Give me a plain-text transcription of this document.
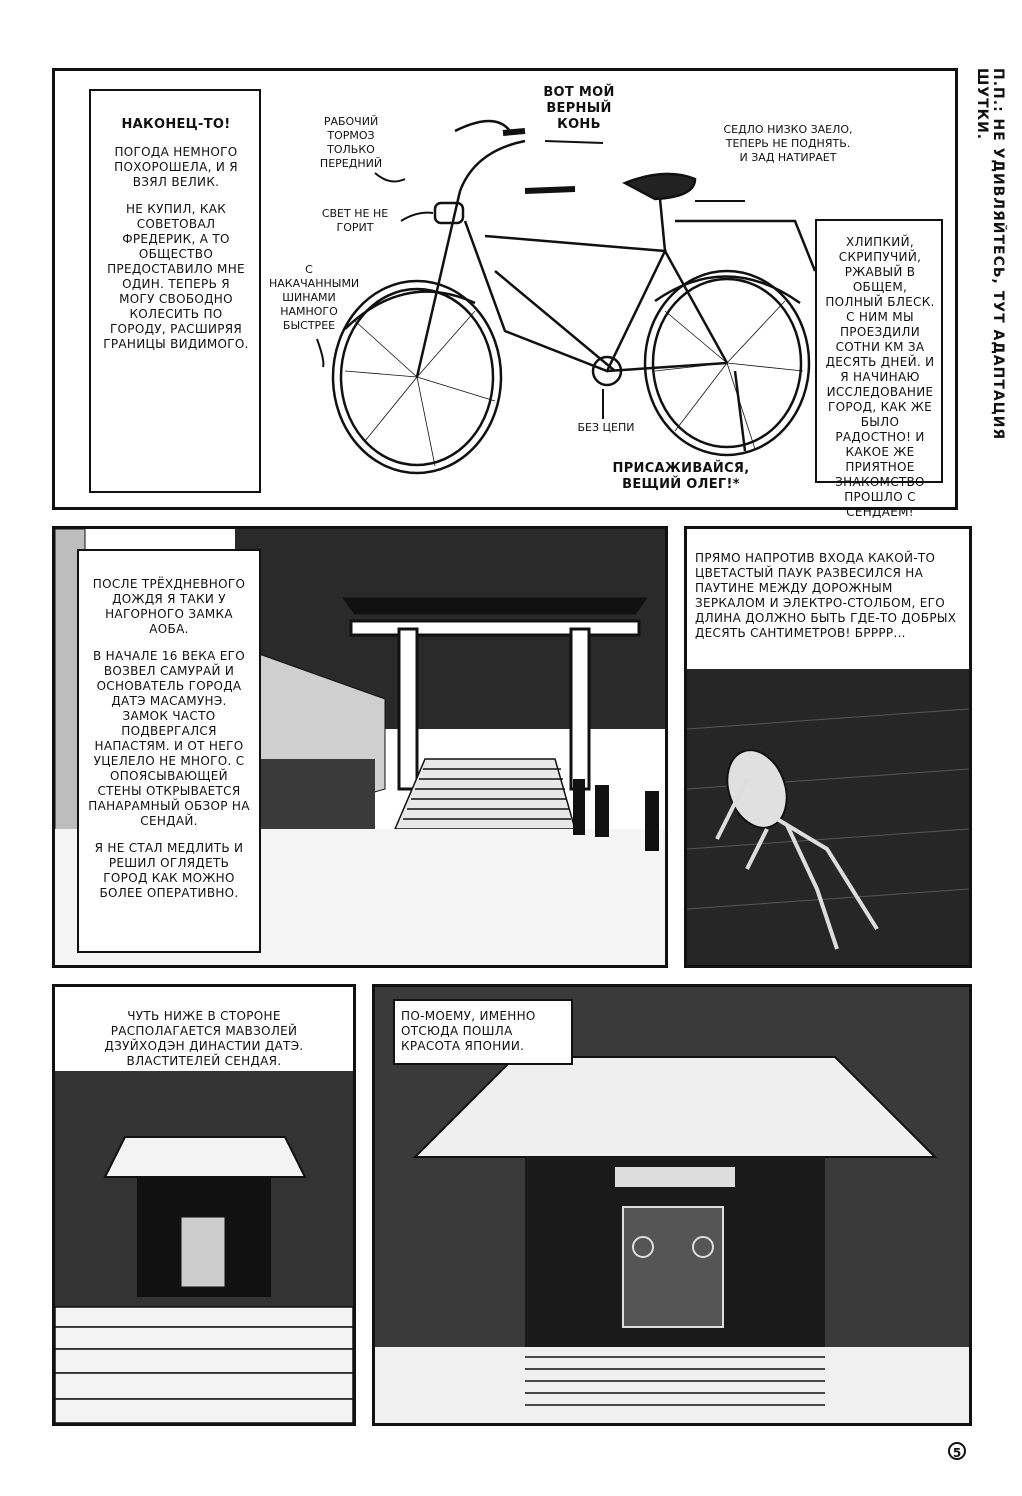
НАКОНЕЦ-ТО!

ПОГОДА НЕМНОГО ПОХОРОШЕЛА, И Я ВЗЯЛ ВЕЛИК.

НЕ КУПИЛ, КАК СОВЕТОВАЛ ФРЕДЕРИК, А ТО ОБЩЕСТВО ПРЕДОСТАВИЛО МНЕ ОДИН. ТЕПЕРЬ Я МОГУ СВОБОДНО КОЛЕСИТЬ ПО ГОРОДУ, РАСШИРЯЯ ГРАНИЦЫ ВИДИМОГО.

ВОТ МОЙ ВЕРНЫЙ КОНЬ
РАБОЧИЙ ТОРМОЗ ТОЛЬКО ПЕРЕДНИЙ
СВЕТ НЕ НЕ ГОРИТ
С НАКАЧАННЫМИ ШИНАМИ НАМНОГО БЫСТРЕЕ
СЕДЛО НИЗКО ЗАЕЛО, ТЕПЕРЬ НЕ ПОДНЯТЬ. И ЗАД НАТИРАЕТ
БЕЗ ЦЕПИ
ХЛИПКИЙ, СКРИПУЧИЙ, РЖАВЫЙ В ОБЩЕМ, ПОЛНЫЙ БЛЕСК. С НИМ МЫ ПРОЕЗДИЛИ СОТНИ КМ ЗА ДЕСЯТЬ ДНЕЙ. И Я НАЧИНАЮ ИССЛЕДОВАНИЕ ГОРОД, КАК ЖЕ БЫЛО РАДОСТНО! И КАКОЕ ЖЕ ПРИЯТНОЕ ЗНАКОМСТВО ПРОШЛО С СЕНДАЕМ!
ПРИСАЖИВАЙСЯ, ВЕЩИЙ ОЛЕГ!*
П.П.: НЕ УДИВЛЯЙТЕСЬ, ТУТ АДАПТАЦИЯ ШУТКИ.

ПОСЛЕ ТРЁХДНЕВНОГО ДОЖДЯ Я ТАКИ У НАГОРНОГО ЗАМКА АОБА.

В НАЧАЛЕ 16 ВЕКА ЕГО ВОЗВЕЛ САМУРАЙ И ОСНОВАТЕЛЬ ГОРОДА ДАТЭ МАСАМУНЭ. ЗАМОК ЧАСТО ПОДВЕРГАЛСЯ НАПАСТЯМ. И ОТ НЕГО УЦЕЛЕЛО НЕ МНОГО. С ОПОЯСЫВАЮЩЕЙ СТЕНЫ ОТКРЫВАЕТСЯ ПАНАРАМНЫЙ ОБЗОР НА СЕНДАЙ.

Я НЕ СТАЛ МЕДЛИТЬ И РЕШИЛ ОГЛЯДЕТЬ ГОРОД КАК МОЖНО БОЛЕЕ ОПЕРАТИВНО.

ПРЯМО НАПРОТИВ ВХОДА КАКОЙ-ТО ЦВЕТАСТЫЙ ПАУК РАЗВЕСИЛСЯ НА ПАУТИНЕ МЕЖДУ ДОРОЖНЫМ ЗЕРКАЛОМ И ЭЛЕКТРО-СТОЛБОМ, ЕГО ДЛИНА ДОЛЖНО БЫТЬ ГДЕ-ТО ДОБРЫХ ДЕСЯТЬ САНТИМЕТРОВ! БРРРР...
ЧУТЬ НИЖЕ В СТОРОНЕ РАСПОЛАГАЕТСЯ МАВЗОЛЕЙ ДЗУЙХОДЭН ДИНАСТИИ ДАТЭ. ВЛАСТИТЕЛЕЙ СЕНДАЯ.
ПО-МОЕМУ, ИМЕННО ОТСЮДА ПОШЛА КРАСОТА ЯПОНИИ.
5
